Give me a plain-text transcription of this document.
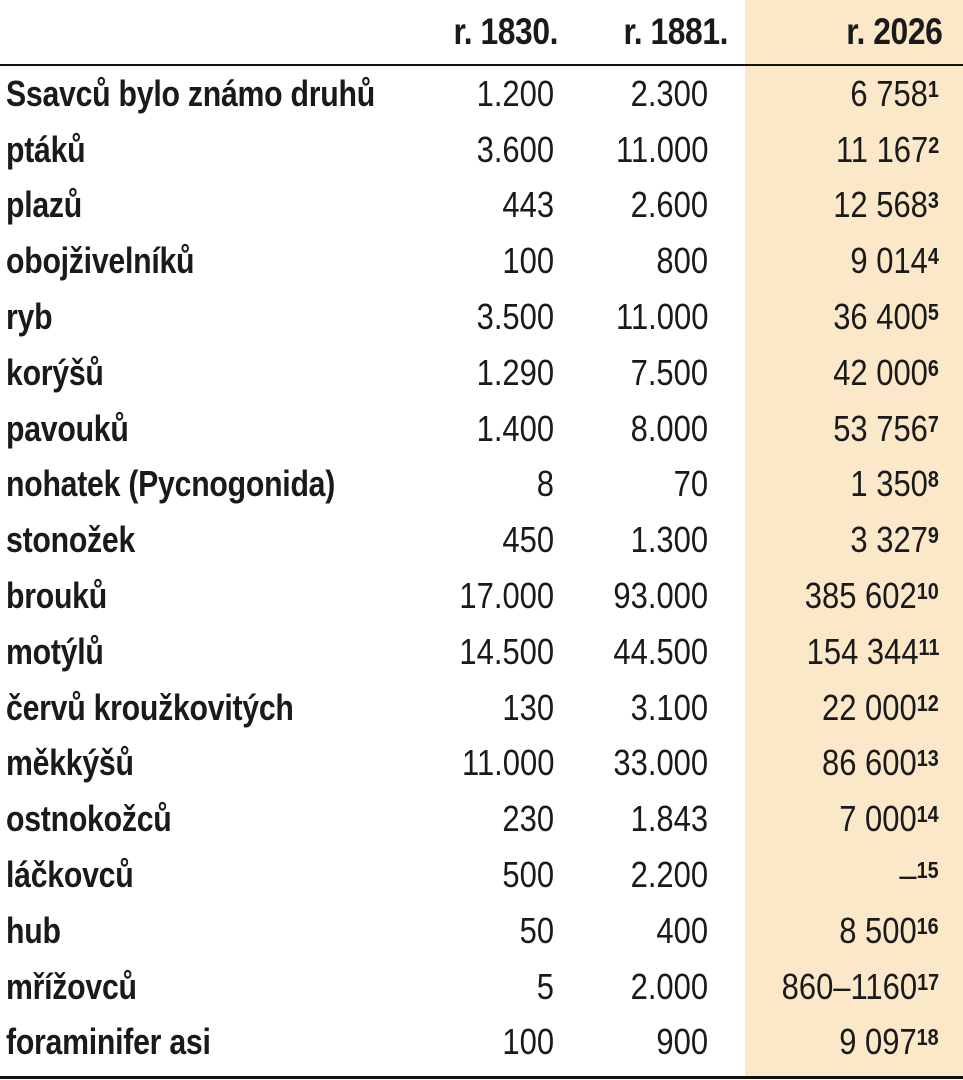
	r. 1830.	r. 1881.	r. 2026
Ssavců bylo známo druhů	1.200	2.300	6 758$^1$
ptáků	3.600	11.000	11 167$^2$
plazů	443	2.600	12 568$^3$
obojživelníků	100	800	9 014$^4$
ryb	3.500	11.000	36 400$^5$
korýšů	1.290	7.500	42 000$^6$
pavouků	1.400	8.000	53 756$^7$
nohatek (Pycnogonida)	8	70	1 350$^8$
stonožek	450	1.300	3 327$^9$
brouků	17.000	93.000	385 602$^{10}$
motýlů	14.500	44.500	154 344$^{11}$
červů kroužkovitých	130	3.100	22 000$^{12}$
měkkýšů	11.000	33.000	86 600$^{13}$
ostnokožců	230	1.843	7 000$^{14}$
láčkovců	500	2.200	–$^{15}$
hub	50	400	8 500$^{16}$
mřížovců	5	2.000	860–1160$^{17}$
foraminifer asi	100	900	9 097$^{18}$
